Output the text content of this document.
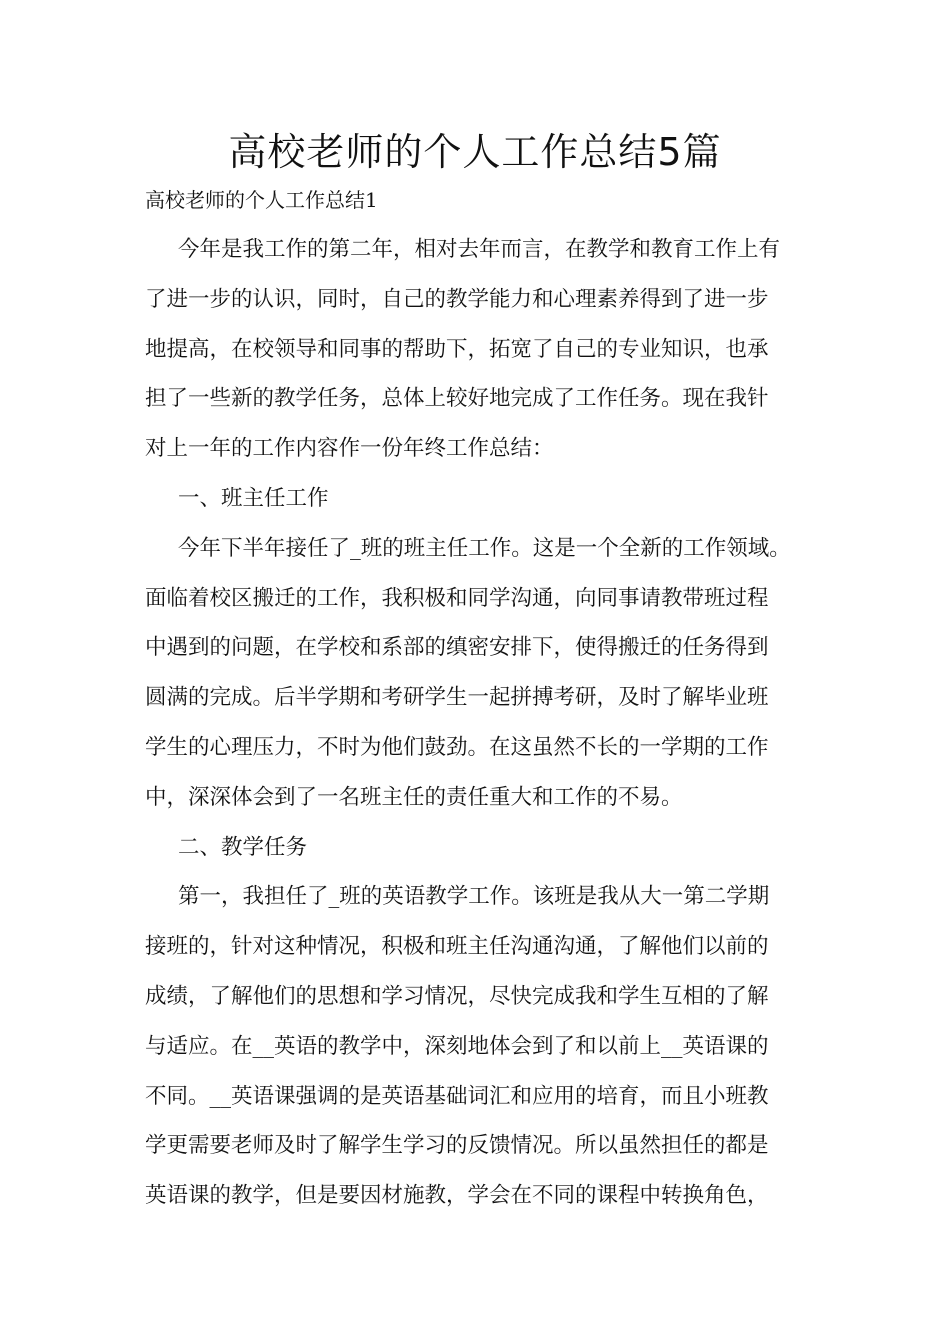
高校老师的个人工作总结5篇

高校老师的个人工作总结1

今年是我工作的第二年，相对去年而言，在教学和教育工作上有

了进一步的认识，同时，自己的教学能力和心理素养得到了进一步

地提高，在校领导和同事的帮助下，拓宽了自己的专业知识，也承

担了一些新的教学任务，总体上较好地完成了工作任务。现在我针

对上一年的工作内容作一份年终工作总结：

一、班主任工作

今年下半年接任了_班的班主任工作。这是一个全新的工作领域。

面临着校区搬迁的工作，我积极和同学沟通，向同事请教带班过程

中遇到的问题，在学校和系部的缜密安排下，使得搬迁的任务得到

圆满的完成。后半学期和考研学生一起拼搏考研，及时了解毕业班

学生的心理压力，不时为他们鼓劲。在这虽然不长的一学期的工作

中，深深体会到了一名班主任的责任重大和工作的不易。

二、教学任务

第一，我担任了_班的英语教学工作。该班是我从大一第二学期

接班的，针对这种情况，积极和班主任沟通沟通，了解他们以前的

成绩，了解他们的思想和学习情况，尽快完成我和学生互相的了解

与适应。在__英语的教学中，深刻地体会到了和以前上__英语课的

不同。__英语课强调的是英语基础词汇和应用的培育，而且小班教

学更需要老师及时了解学生学习的反馈情况。所以虽然担任的都是

英语课的教学，但是要因材施教，学会在不同的课程中转换角色，
